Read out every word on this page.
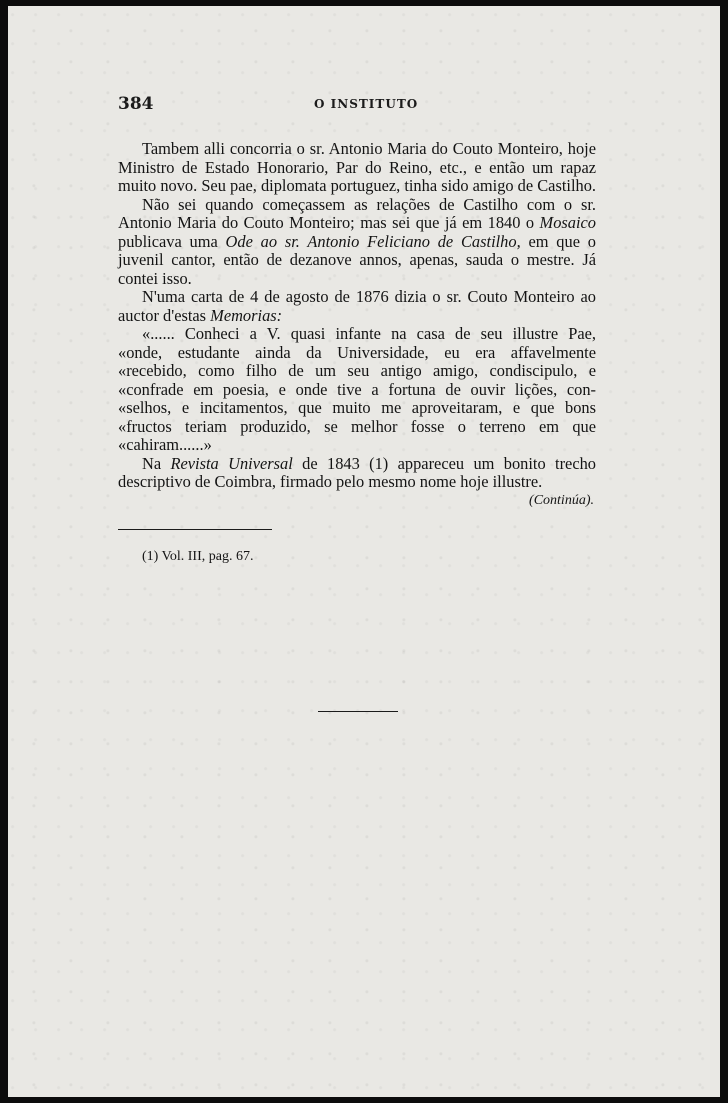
384	O INSTITUTO

Tambem alli concorria o sr. Antonio Maria do Couto Monteiro, hoje Ministro de Estado Honorario, Par do Reino, etc., e então um rapaz muito novo. Seu pae, diplomata portuguez, tinha sido amigo de Castilho.

Não sei quando começassem as relações de Castilho com o sr. Antonio Maria do Couto Monteiro; mas sei que já em 1840 o Mosaico publicava uma Ode ao sr. Antonio Feliciano de Castilho, em que o juvenil cantor, então de dezanove annos, apenas, sauda o mestre. Já contei isso.

N'uma carta de 4 de agosto de 1876 dizia o sr. Couto Monteiro ao auctor d'estas Memorias:

«...... Conheci a V. quasi infante na casa de seu illustre Pae,
«onde, estudante ainda da Universidade, eu era affavelmente
«recebido, como filho de um seu antigo amigo, condiscipulo, e
«confrade em poesia, e onde tive a fortuna de ouvir lições, con-
«selhos, e incitamentos, que muito me aproveitaram, e que bons
«fructos teriam produzido, se melhor fosse o terreno em que
«cahiram......»

Na Revista Universal de 1843 (1) appareceu um bonito trecho descriptivo de Coimbra, firmado pelo mesmo nome hoje illustre.

(Continúa).
(1) Vol. III, pag. 67.
